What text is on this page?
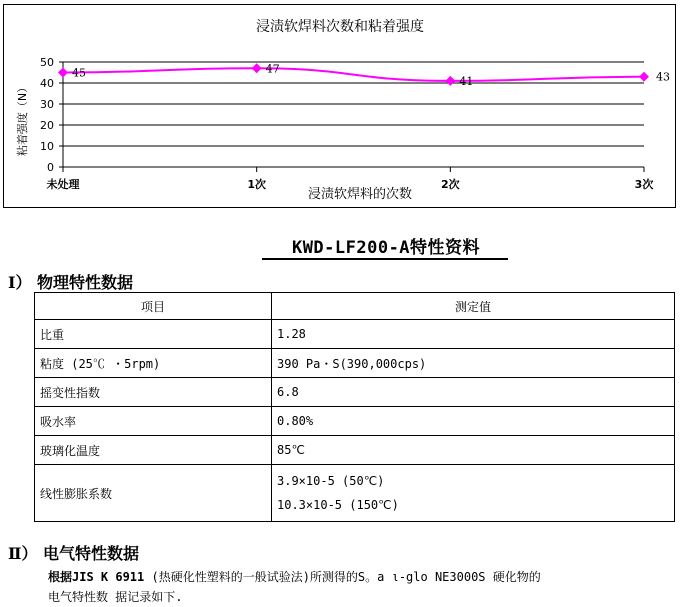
浸渍软焊料次数和粘着强度
浸渍软焊料的次数
粘着强度（N）
0
10
20
30
40
50
未处理	1次	2次	3次
45	47
41	43
KWD-LF200-A特性资料
Ⅰ） 物理特性数据
项目	测定值
比重	1.28
粘度 (25℃ ・5rpm)	390 Pa・S(390,000cps)
摇变性指数	6.8
吸水率	0.80%
玻璃化温度	85℃
线性膨胀系数	3.9×10-5 (50℃)
10.3×10-5 (150℃)
Ⅱ） 电气特性数据
根据JIS K 6911 (热硬化性塑料的一般试验法)所测得的S。a ι-glo NE3000S 硬化物的
电气特性数 据记录如下.
